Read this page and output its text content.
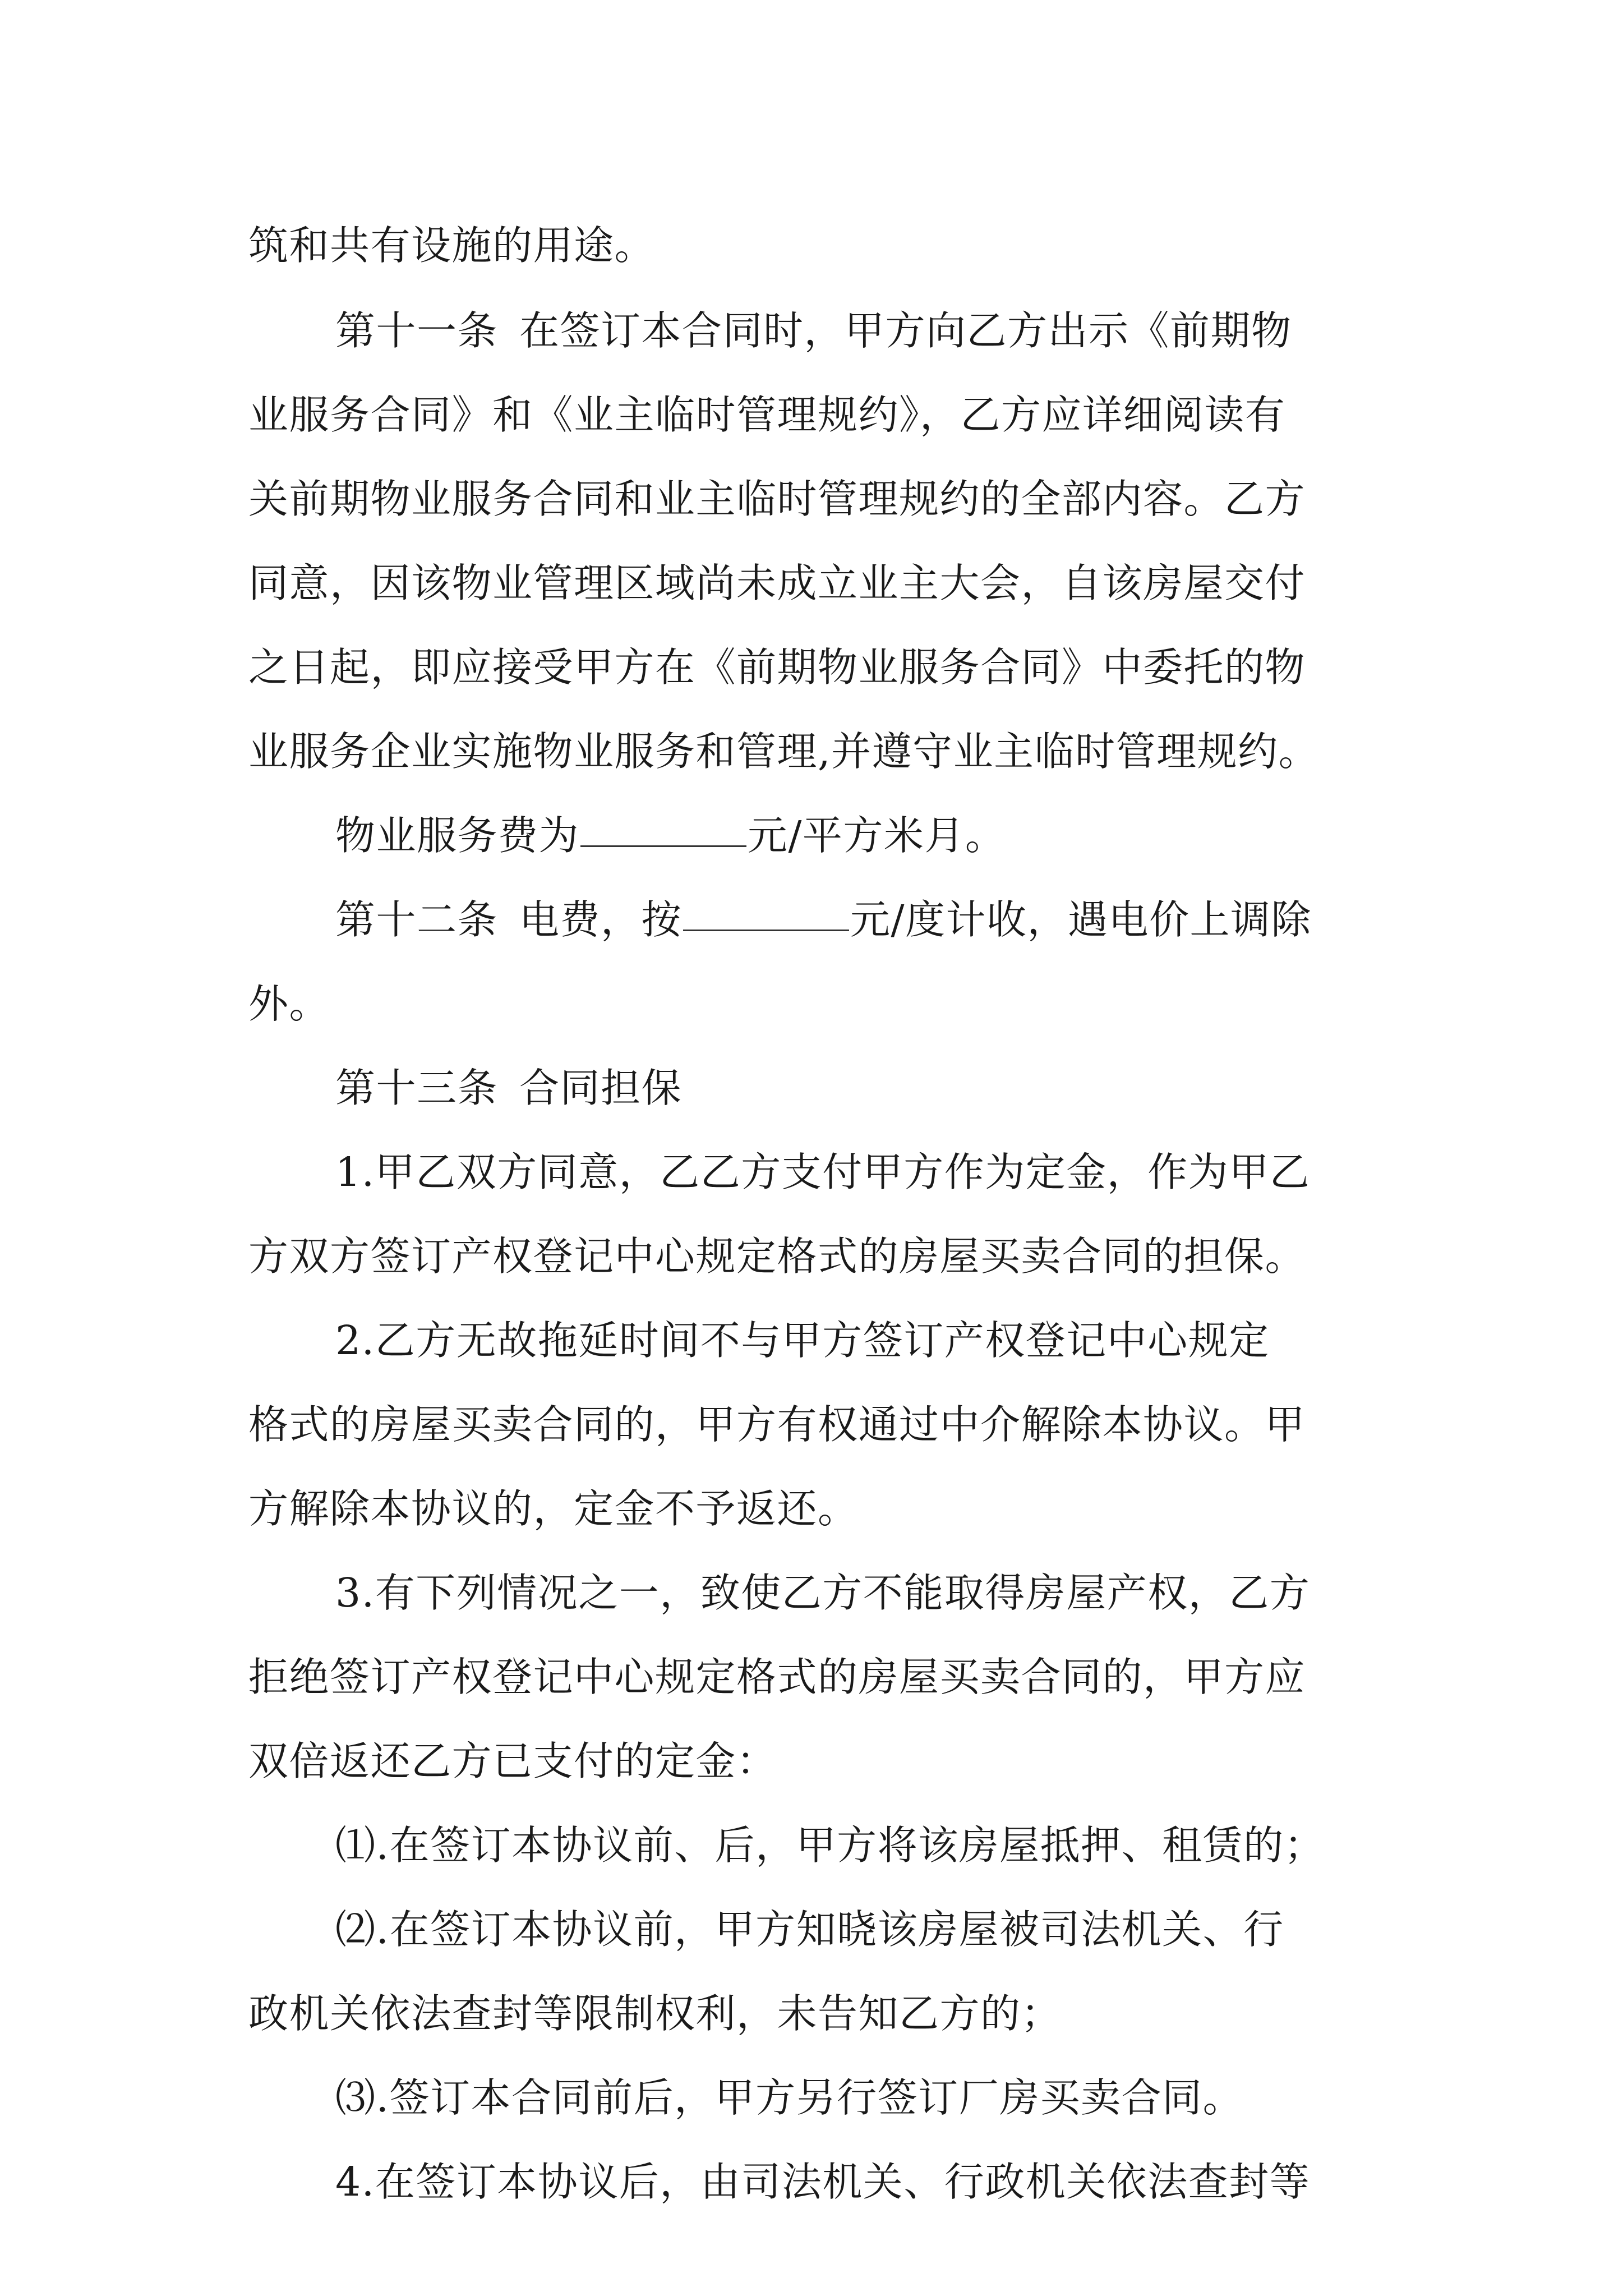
筑和共有设施的用途。
第十一条 在签订本合同时，甲方向乙方出示《前期物
业服务合同》和《业主临时管理规约》，乙方应详细阅读有
关前期物业服务合同和业主临时管理规约的全部内容。乙方
同意，因该物业管理区域尚未成立业主大会，自该房屋交付
之日起，即应接受甲方在《前期物业服务合同》中委托的物
业服务企业实施物业服务和管理,并遵守业主临时管理规约。
物业服务费为	元/平方米月。
第十二条 电费，按	元/度计收，遇电价上调除
外。
第十三条 合同担保
1.甲乙双方同意，乙乙方支付甲方作为定金，作为甲乙
方双方签订产权登记中心规定格式的房屋买卖合同的担保。
2.乙方无故拖延时间不与甲方签订产权登记中心规定
格式的房屋买卖合同的，甲方有权通过中介解除本协议。甲
方解除本协议的，定金不予返还。
3.有下列情况之一，致使乙方不能取得房屋产权，乙方
拒绝签订产权登记中心规定格式的房屋买卖合同的，甲方应
双倍返还乙方已支付的定金：
⑴.在签订本协议前、后，甲方将该房屋抵押、租赁的；
⑵.在签订本协议前，甲方知晓该房屋被司法机关、行
政机关依法查封等限制权利，未告知乙方的；
⑶.签订本合同前后，甲方另行签订厂房买卖合同。
4.在签订本协议后，由司法机关、行政机关依法查封等
